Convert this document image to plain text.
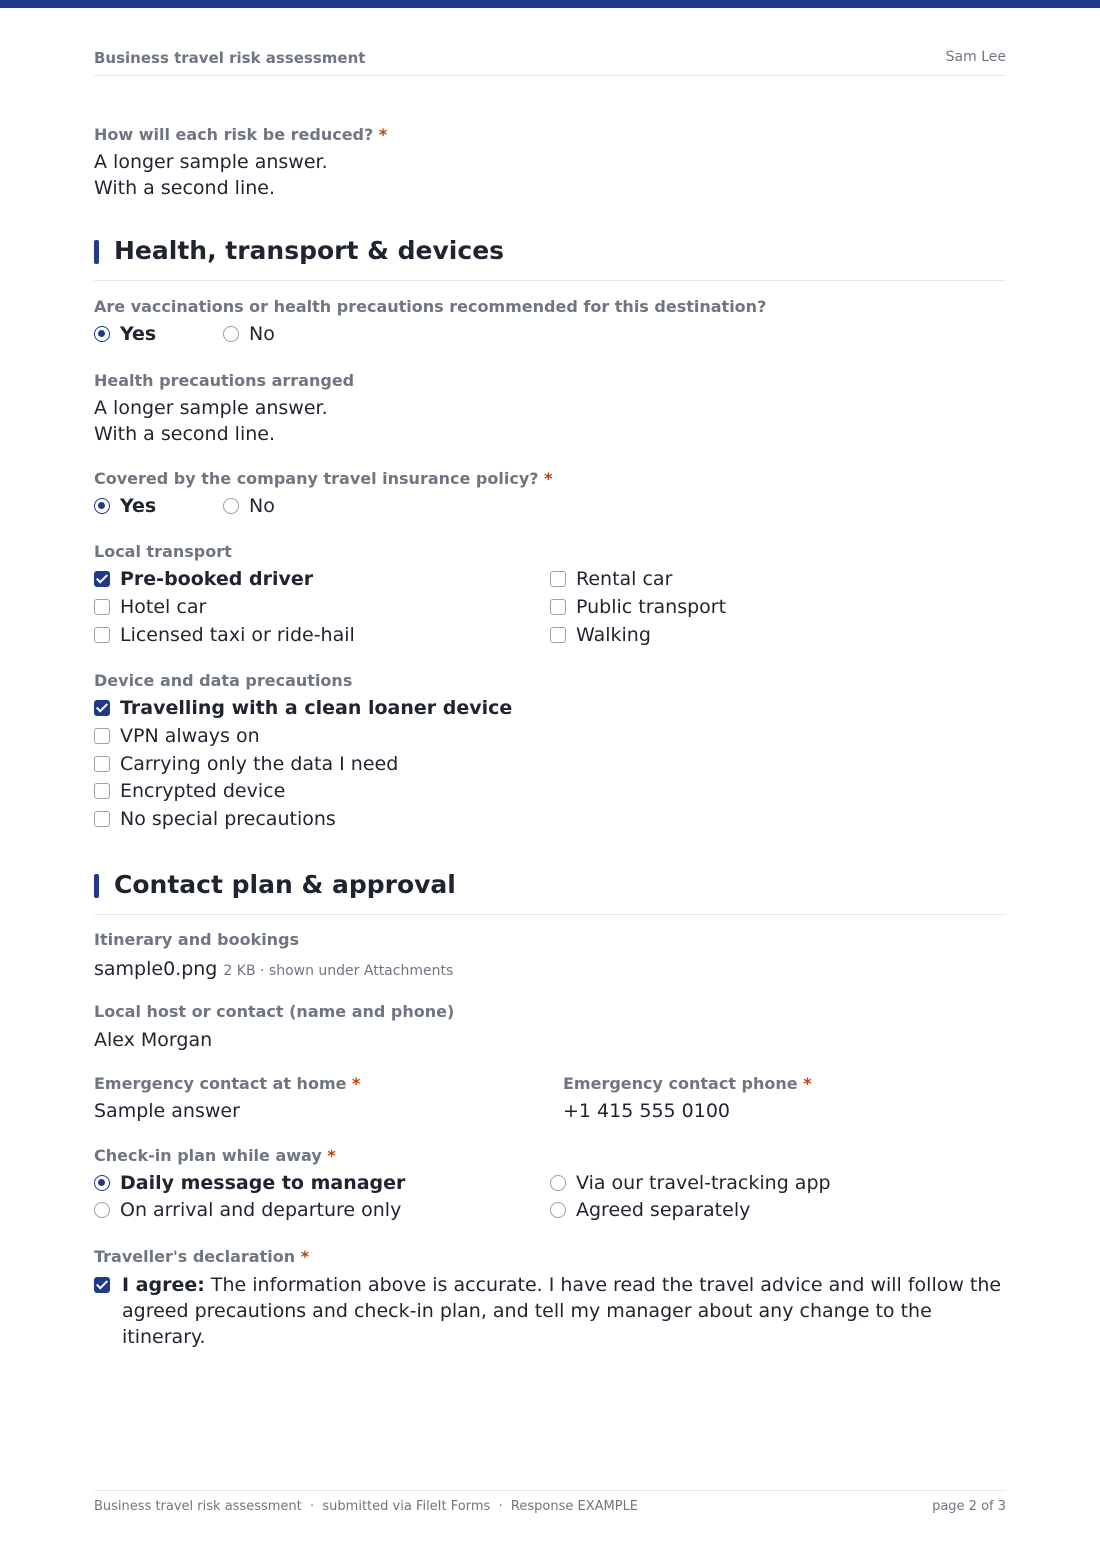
Business travel risk assessment	Sam Lee
How will each risk be reduced? *
A longer sample answer.
With a second line.
Health, transport & devices
Are vaccinations or health precautions recommended for this destination?
Yes	No
Health precautions arranged
A longer sample answer.
With a second line.
Covered by the company travel insurance policy? *
Yes	No
Local transport
Pre-booked driver
Hotel car
Licensed taxi or ride-hail
Rental car
Public transport
Walking
Device and data precautions
Travelling with a clean loaner device
VPN always on
Carrying only the data I need
Encrypted device
No special precautions
Contact plan & approval
Itinerary and bookings
sample0.png 2 KB · shown under Attachments
Local host or contact (name and phone)
Alex Morgan
Emergency contact at home *
Sample answer
Emergency contact phone *
+1 415 555 0100
Check-in plan while away *
Daily message to manager
On arrival and departure only
Via our travel-tracking app
Agreed separately
Traveller's declaration *
I agree: The information above is accurate. I have read the travel advice and will follow the agreed precautions and check-in plan, and tell my manager about any change to the itinerary.
Business travel risk assessment  ·  submitted via FileIt Forms  ·  Response EXAMPLE	page 2 of 3
